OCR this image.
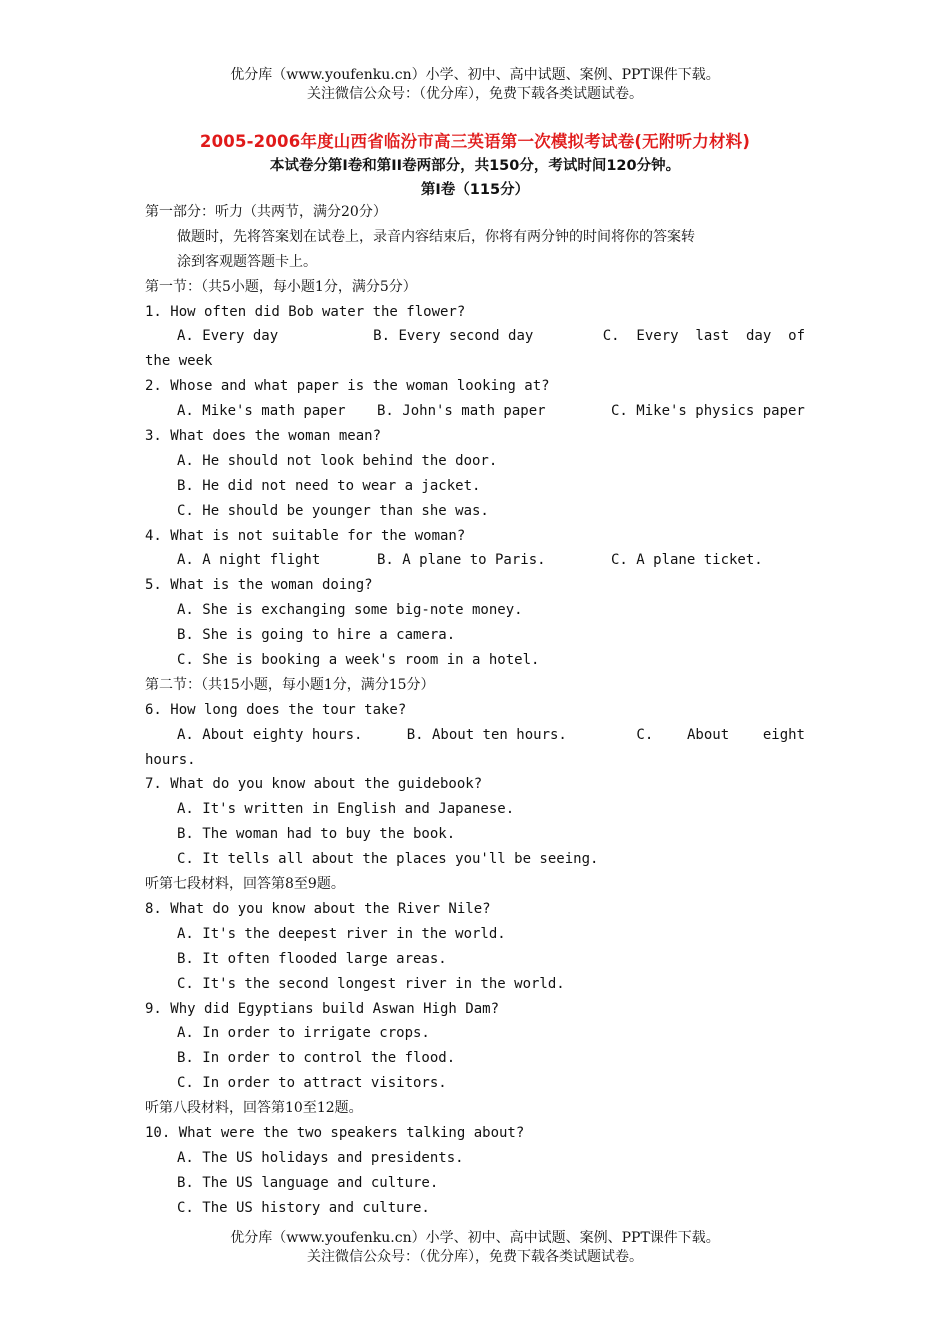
优分库（www.youfenku.cn）小学、初中、高中试题、案例、PPT课件下载。
关注微信公众号：（优分库），免费下载各类试题试卷。
2005-2006年度山西省临汾市高三英语第一次模拟考试卷(无附听力材料)
本试卷分第I卷和第II卷两部分，共150分，考试时间120分钟。
第I卷（115分）
第一部分：听力（共两节，满分20分）
做题时，先将答案划在试卷上，录音内容结束后，你将有两分钟的时间将你的答案转
涂到客观题答题卡上。
第一节：（共5小题，每小题1分，满分5分）
1. How often did Bob water the flower?
A. Every day	B. Every second day	C.  Every  last  day  of
the week
2. Whose and what paper is the woman looking at?
A. Mike's math paper	B. John's math paper	C. Mike's physics paper
3. What does the woman mean?
A. He should not look behind the door.
B. He did not need to wear a jacket.
C. He should be younger than she was.
4. What is not suitable for the woman?
A. A night flight	B. A plane to Paris.	C. A plane ticket.
5. What is the woman doing?
A. She is exchanging some big-note money.
B. She is going to hire a camera.
C. She is booking a week's room in a hotel.
第二节：（共15小题，每小题1分，满分15分）
6. How long does the tour take?
A. About eighty hours.	B. About ten hours.	C.    About    eight
hours.
7. What do you know about the guidebook?
A. It's written in English and Japanese.
B. The woman had to buy the book.
C. It tells all about the places you'll be seeing.
听第七段材料，回答第8至9题。
8. What do you know about the River Nile?
A. It's the deepest river in the world.
B. It often flooded large areas.
C. It's the second longest river in the world.
9. Why did Egyptians build Aswan High Dam?
A. In order to irrigate crops.
B. In order to control the flood.
C. In order to attract visitors.
听第八段材料，回答第10至12题。
10. What were the two speakers talking about?
A. The US holidays and presidents.
B. The US language and culture.
C. The US history and culture.
优分库（www.youfenku.cn）小学、初中、高中试题、案例、PPT课件下载。
关注微信公众号：（优分库），免费下载各类试题试卷。
